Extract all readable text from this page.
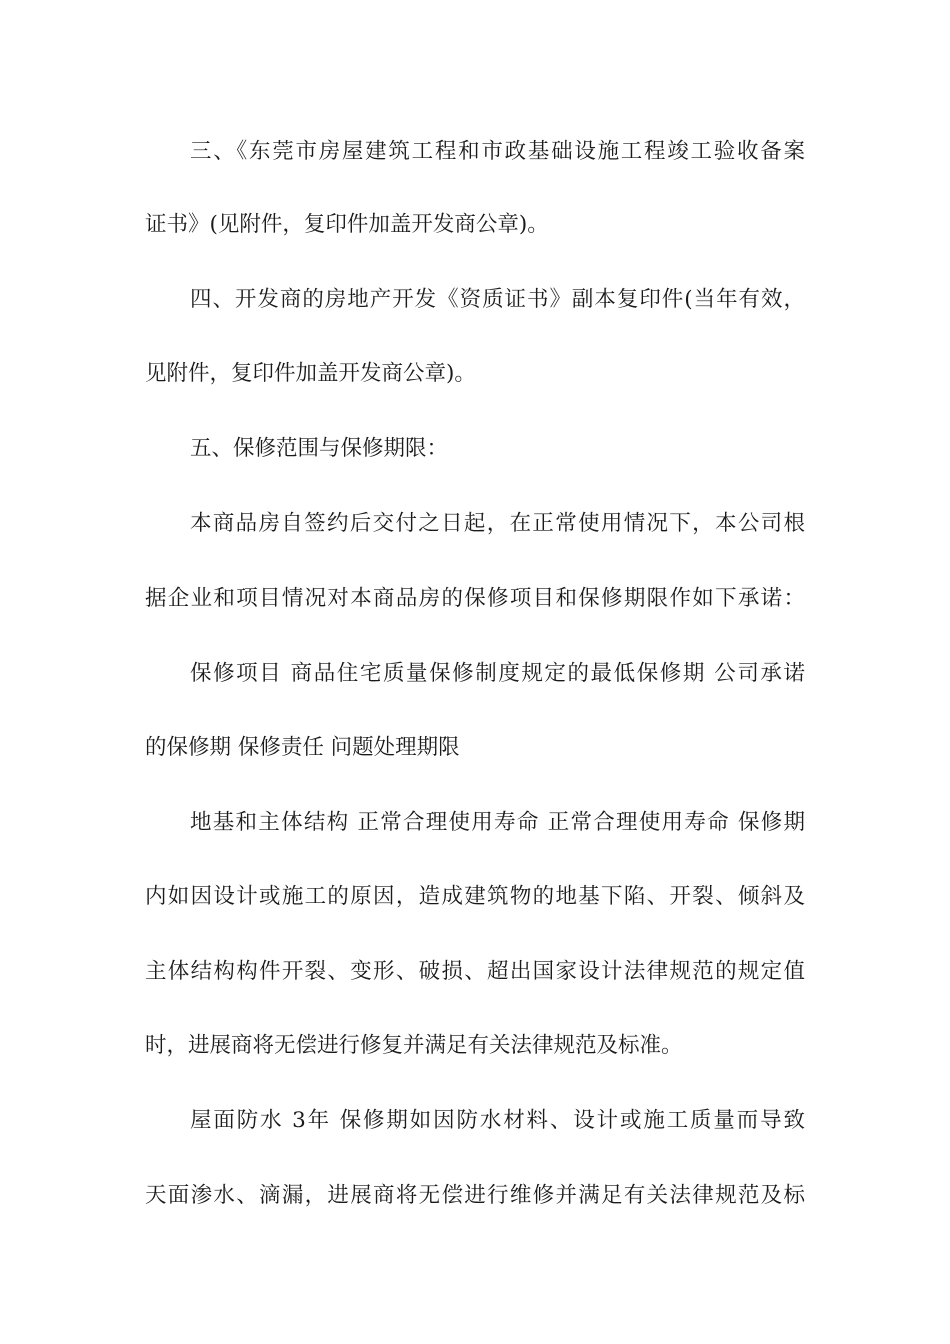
三、《东莞市房屋建筑工程和市政基础设施工程竣工验收备案
证书》(见附件，复印件加盖开发商公章)。
四、开发商的房地产开发《资质证书》副本复印件(当年有效，
见附件，复印件加盖开发商公章)。
五、保修范围与保修期限：
本商品房自签约后交付之日起，在正常使用情况下，本公司根
据企业和项目情况对本商品房的保修项目和保修期限作如下承诺：
保修项目 商品住宅质量保修制度规定的最低保修期 公司承诺
的保修期 保修责任 问题处理期限
地基和主体结构 正常合理使用寿命 正常合理使用寿命 保修期
内如因设计或施工的原因，造成建筑物的地基下陷、开裂、倾斜及
主体结构构件开裂、变形、破损、超出国家设计法律规范的规定值
时，进展商将无偿进行修复并满足有关法律规范及标准。
屋面防水 3年 保修期如因防水材料、设计或施工质量而导致
天面渗水、滴漏，进展商将无偿进行维修并满足有关法律规范及标
